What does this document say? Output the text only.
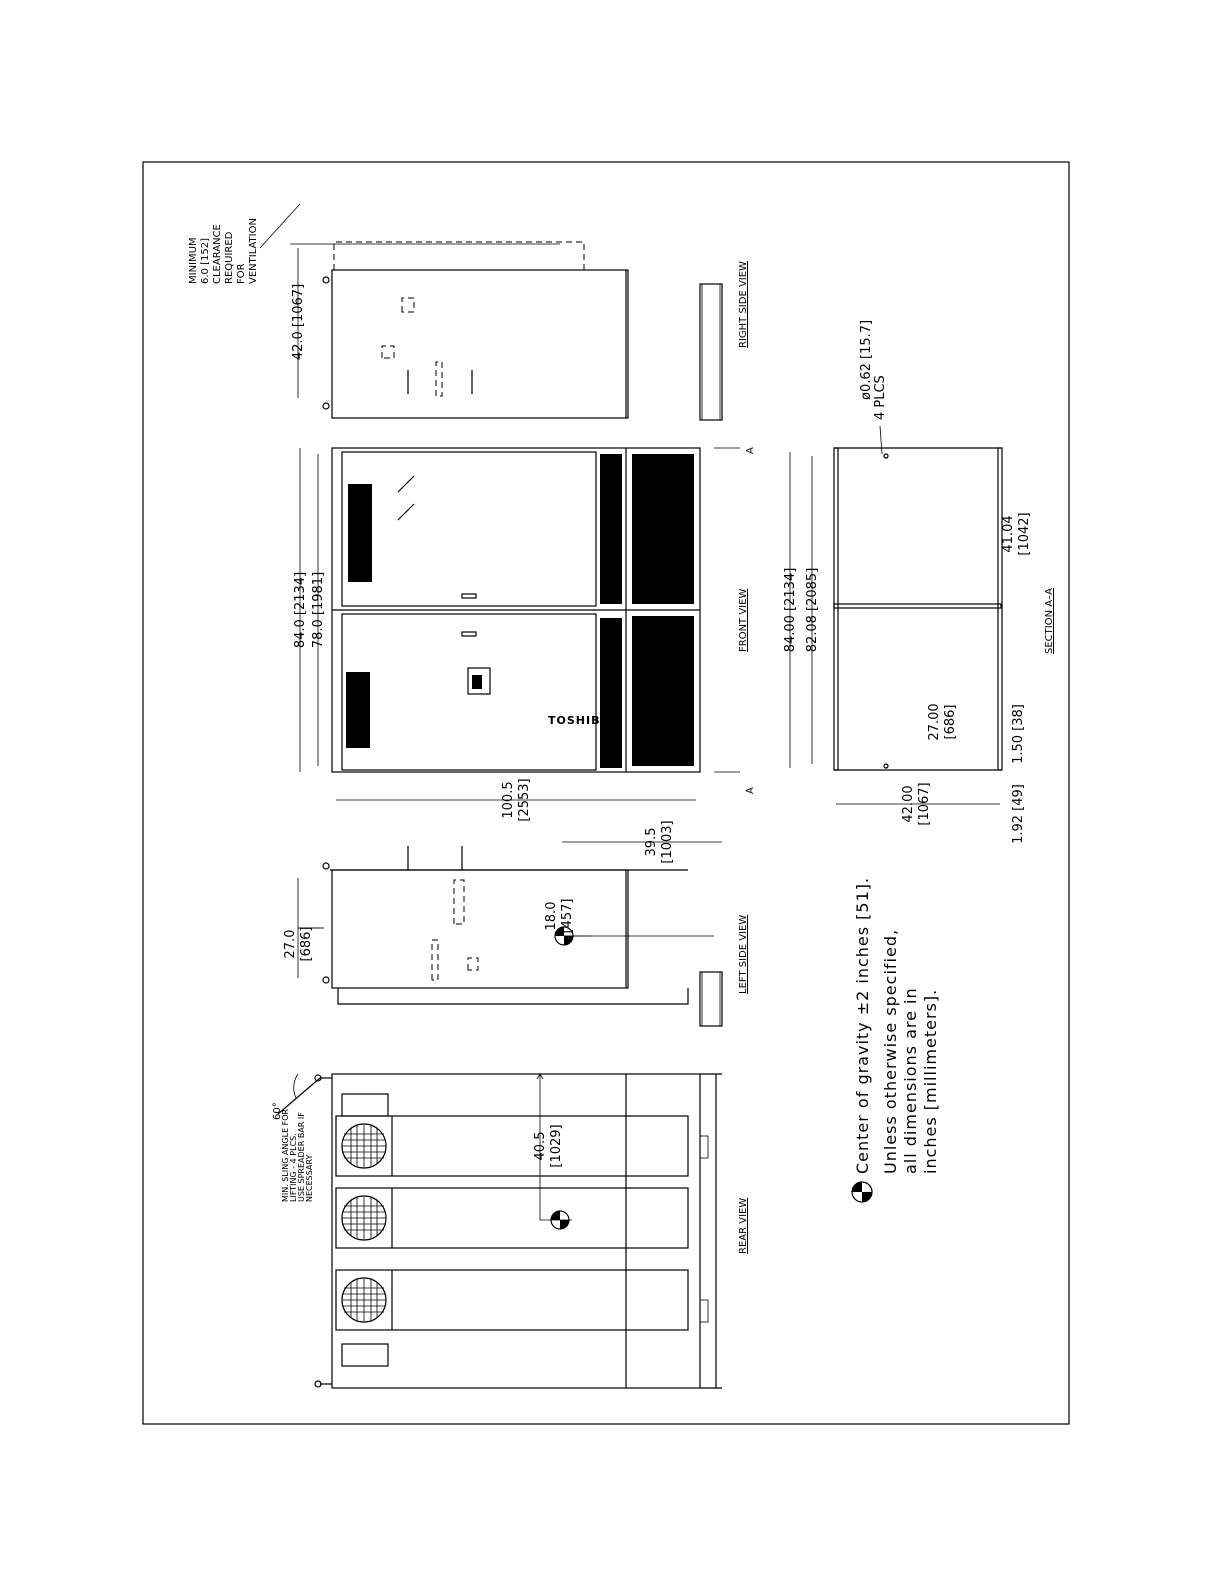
40.5 [1029]
MIN. SLING ANGLE FOR LIFTING - 4 PLCS. USE SPREADER BAR IF NECESSARY
60°
REAR VIEW
18.0 [457]
39.5 [1003]
27.0 [686]	LEFT SIDE VIEW
TOSHIBA
84.0 [2134] 78.0 [1981]
100.5 [2553]	A
A
FRONT VIEW
42.0 [1067]
MINIMUM 6.0 [152] CLEARANCE REQUIRED FOR VENTILATION
RIGHT SIDE VIEW
84.00 [2134] 82.08 [2085]
42.00 [1067]
27.00 [686]	1.50 [38]
1.92 [49]
41.04 [1042]
ø0.62 [15.7] 4 PLCS
SECTION A–A
Center of gravity ±2 inches [51]. Unless otherwise specified, all dimensions are in inches [millimeters].
